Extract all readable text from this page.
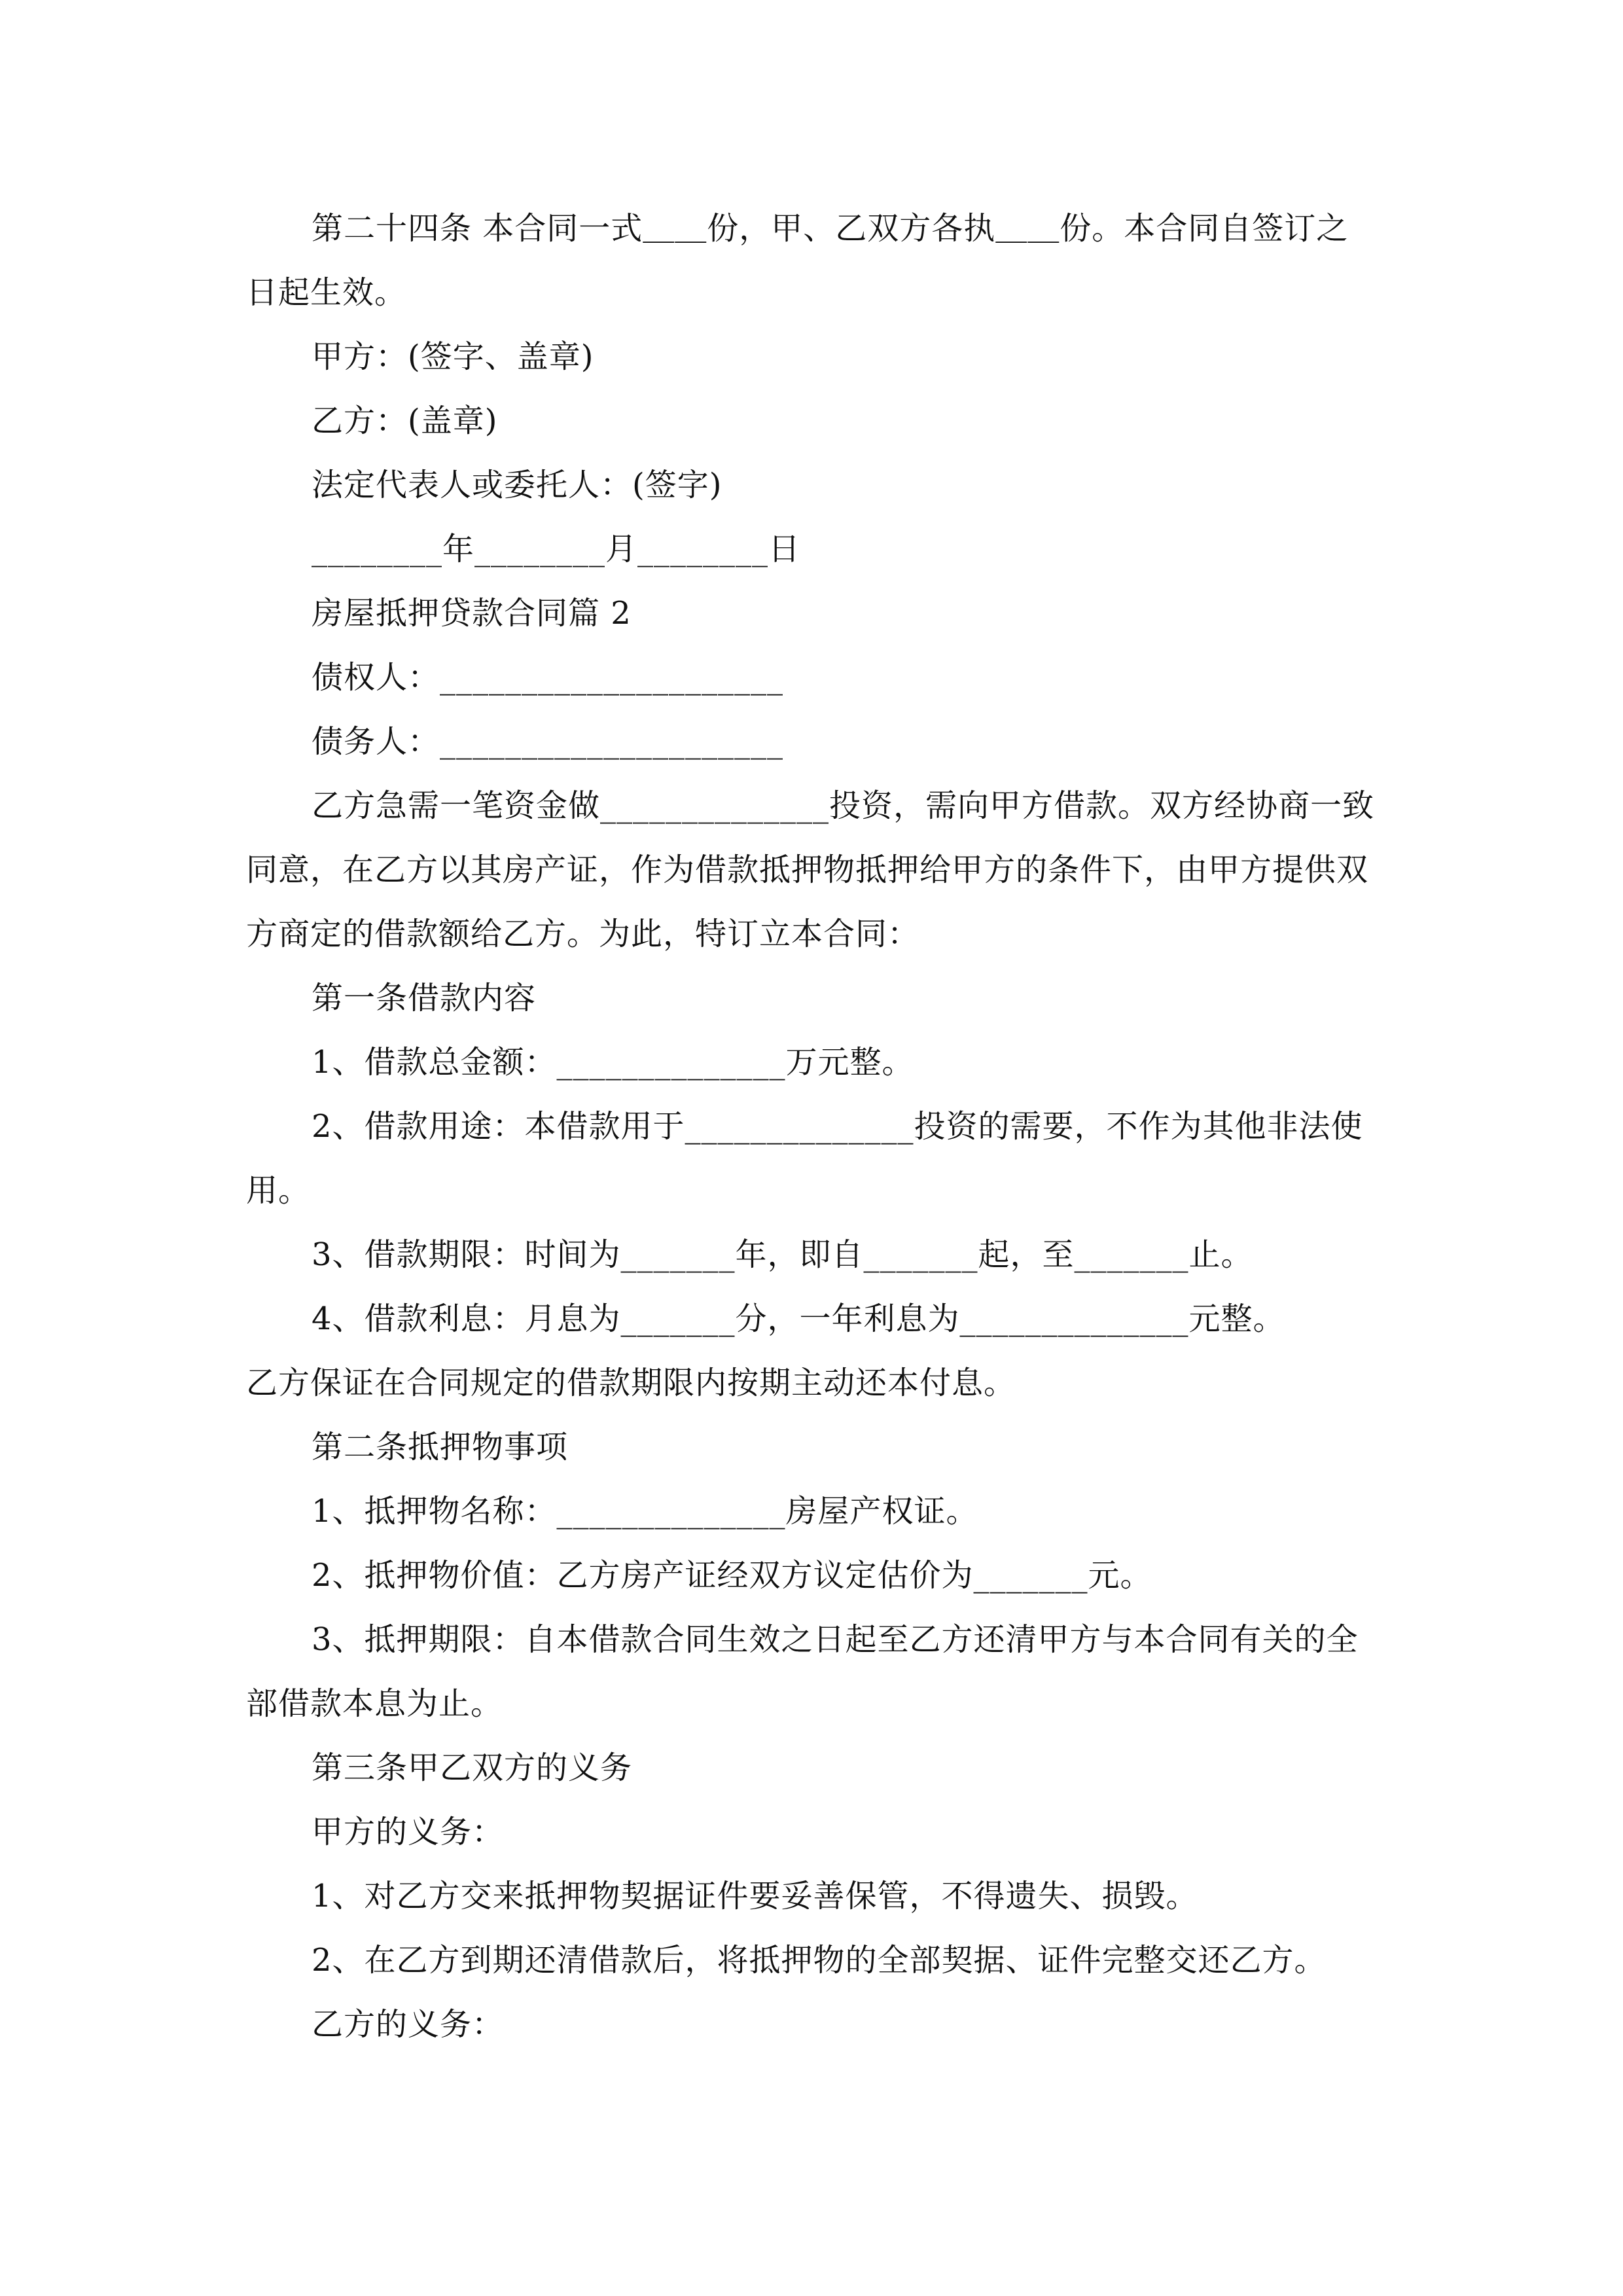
第二十四条 本合同一式＿＿份，甲、乙双方各执＿＿份。本合同自签订之
日起生效。
甲方：(签字、盖章)
乙方：(盖章)
法定代表人或委托人：(签字)
________年________月________日
房屋抵押贷款合同篇 2
债权人：_____________________
债务人：_____________________
乙方急需一笔资金做______________投资，需向甲方借款。双方经协商一致
同意，在乙方以其房产证，作为借款抵押物抵押给甲方的条件下，由甲方提供双
方商定的借款额给乙方。为此，特订立本合同：
第一条借款内容
1、借款总金额：______________万元整。
2、借款用途：本借款用于______________投资的需要，不作为其他非法使
用。
3、借款期限：时间为_______年，即自_______起，至_______止。
4、借款利息：月息为_______分，一年利息为______________元整。
乙方保证在合同规定的借款期限内按期主动还本付息。
第二条抵押物事项
1、抵押物名称：______________房屋产权证。
2、抵押物价值：乙方房产证经双方议定估价为_______元。
3、抵押期限：自本借款合同生效之日起至乙方还清甲方与本合同有关的全
部借款本息为止。
第三条甲乙双方的义务
甲方的义务：
1、对乙方交来抵押物契据证件要妥善保管，不得遗失、损毁。
2、在乙方到期还清借款后，将抵押物的全部契据、证件完整交还乙方。
乙方的义务：
